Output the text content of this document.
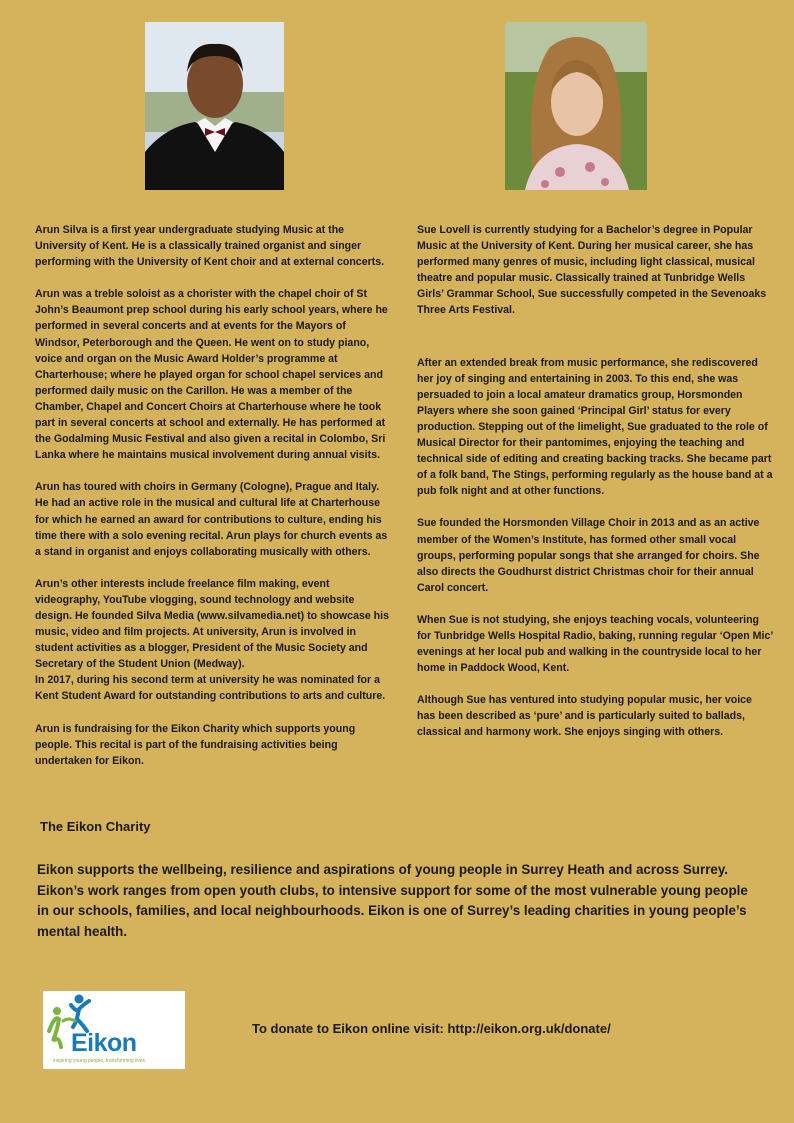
Arun Silva is a first year undergraduate studying Music at the University of Kent. He is a classically trained organist and singer performing with the University of Kent choir and at external concerts.

Arun was a treble soloist as a chorister with the chapel choir of St John’s Beaumont prep school during his early school years, where he performed in several concerts and at events for the Mayors of Windsor, Peterborough and the Queen. He went on to study piano, voice and organ on the Music Award Holder’s programme at Charterhouse; where he played organ for school chapel services and performed daily music on the Carillon. He was a member of the Chamber, Chapel and Concert Choirs at Charterhouse where he took part in several concerts at school and externally. He has performed at the Godalming Music Festival and also given a recital in Colombo, Sri Lanka where he maintains musical involvement during annual visits.

Arun has toured with choirs in Germany (Cologne), Prague and Italy. He had an active role in the musical and cultural life at Charterhouse for which he earned an award for contributions to culture, ending his time there with a solo evening recital. Arun plays for church events as a stand in organist and enjoys collaborating musically with others.

Arun’s other interests include freelance film making, event videography, YouTube vlogging, sound technology and website design. He founded Silva Media (www.silvamedia.net) to showcase his music, video and film projects. At university, Arun is involved in student activities as a blogger, President of the Music Society and Secretary of the Student Union (Medway).
In 2017, during his second term at university he was nominated for a Kent Student Award for outstanding contributions to arts and culture.

Arun is fundraising for the Eikon Charity which supports young people. This recital is part of the fundraising activities being undertaken for Eikon.

Sue Lovell is currently studying for a Bachelor’s degree in Popular Music at the University of Kent. During her musical career, she has performed many genres of music, including light classical, musical theatre and popular music. Classically trained at Tunbridge Wells Girls’ Grammar School, Sue successfully competed in the Sevenoaks Three Arts Festival.

After an extended break from music performance, she rediscovered her joy of singing and entertaining in 2003. To this end, she was persuaded to join a local amateur dramatics group, Horsmonden Players where she soon gained ‘Principal Girl’ status for every production. Stepping out of the limelight, Sue graduated to the role of Musical Director for their pantomimes, enjoying the teaching and technical side of editing and creating backing tracks. She became part of a folk band, The Stings, performing regularly as the house band at a pub folk night and at other functions.

Sue founded the Horsmonden Village Choir in 2013 and as an active member of the Women’s Institute, has formed other small vocal groups, performing popular songs that she arranged for choirs. She also directs the Goudhurst district Christmas choir for their annual Carol concert.

When Sue is not studying, she enjoys teaching vocals, volunteering for Tunbridge Wells Hospital Radio, baking, running regular ‘Open Mic’ evenings at her local pub and walking in the countryside local to her home in Paddock Wood, Kent.

Although Sue has ventured into studying popular music, her voice has been described as ‘pure’ and is particularly suited to ballads, classical and harmony work. She enjoys singing with others.

The Eikon Charity

Eikon supports the wellbeing, resilience and aspirations of young people in Surrey Heath and across Surrey. Eikon’s work ranges from open youth clubs, to intensive support for some of the most vulnerable young people in our schools, families, and local neighbourhoods. Eikon is one of Surrey’s leading charities in young people’s mental health.

Eikon
inspiring young people, transforming lives

To donate to Eikon online visit: http://eikon.org.uk/donate/
